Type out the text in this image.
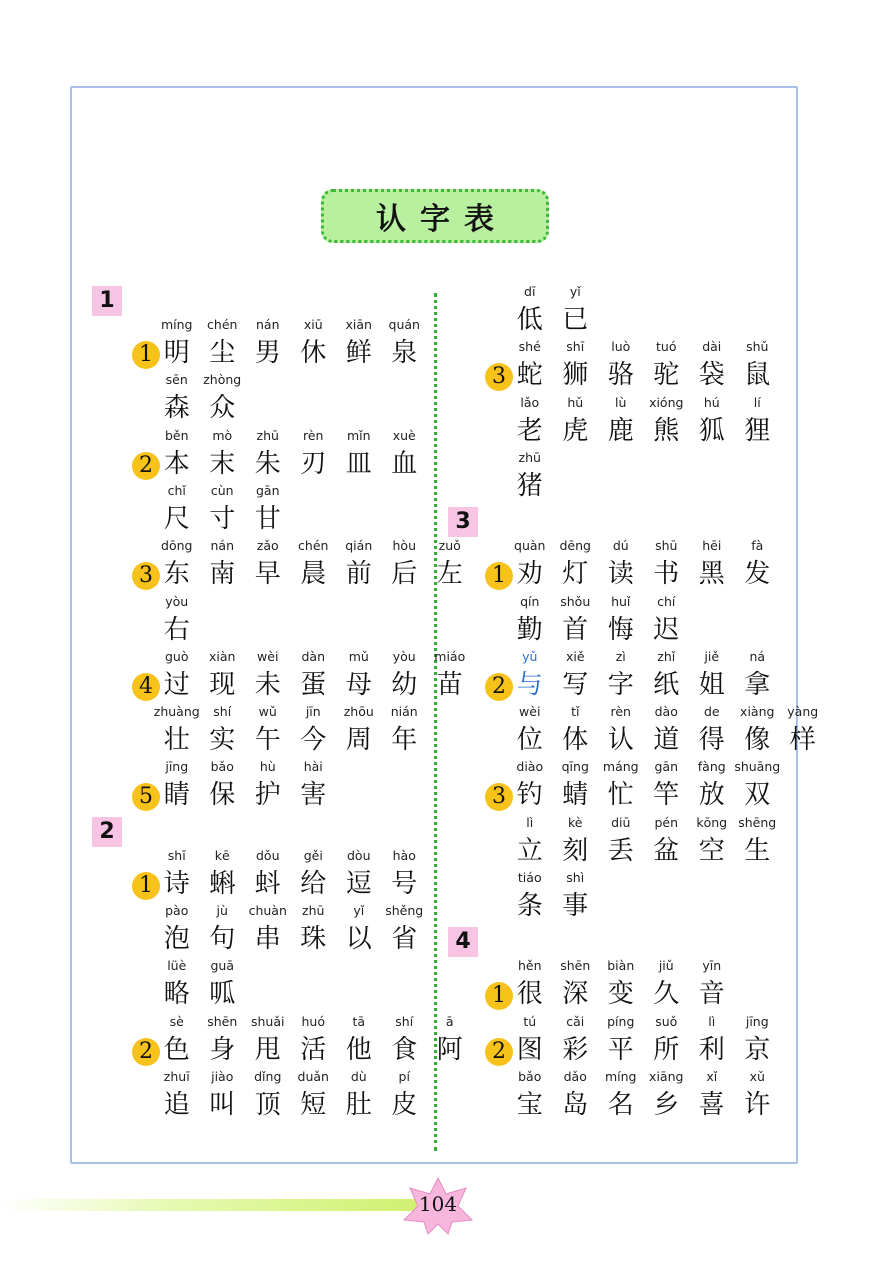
认字表
1
1
míng
明
chén
尘
nán
男
xiū
休
xiān
鲜
quán
泉
sēn
森
zhòng
众
2
běn
本
mò
末
zhū
朱
rèn
刃
mǐn
皿
xuè
血
chǐ
尺
cùn
寸
gān
甘
3
dōng
东
nán
南
zǎo
早
chén
晨
qián
前
hòu
后
zuǒ
左
yòu
右
4
guò
过
xiàn
现
wèi
未
dàn
蛋
mǔ
母
yòu
幼
miáo
苗
zhuàng
壮
shí
实
wǔ
午
jīn
今
zhōu
周
nián
年
5
jīng
睛
bǎo
保
hù
护
hài
害
2
1
shī
诗
kē
蝌
dǒu
蚪
gěi
给
dòu
逗
hào
号
pào
泡
jù
句
chuàn
串
zhū
珠
yǐ
以
shěng
省
lüè
略
guā
呱
2
sè
色
shēn
身
shuǎi
甩
huó
活
tā
他
shí
食
ā
阿
zhuī
追
jiào
叫
dǐng
顶
duǎn
短
dù
肚
pí
皮
dī
低
yǐ
已
3
shé
蛇
shī
狮
luò
骆
tuó
驼
dài
袋
shǔ
鼠
lǎo
老
hǔ
虎
lù
鹿
xióng
熊
hú
狐
lí
狸
zhū
猪
3
1
quàn
劝
dēng
灯
dú
读
shū
书
hēi
黑
fà
发
qín
勤
shǒu
首
huǐ
悔
chí
迟
2
yǔ
与
xiě
写
zì
字
zhǐ
纸
jiě
姐
ná
拿
wèi
位
tǐ
体
rèn
认
dào
道
de
得
xiàng
像
yàng
样
3
diào
钓
qīng
蜻
máng
忙
gān
竿
fàng
放
shuāng
双
lì
立
kè
刻
diū
丢
pén
盆
kōng
空
shēng
生
tiáo
条
shì
事
4
1
hěn
很
shēn
深
biàn
变
jiǔ
久
yīn
音
2
tú
图
cǎi
彩
píng
平
suǒ
所
lì
利
jīng
京
bǎo
宝
dǎo
岛
míng
名
xiāng
乡
xǐ
喜
xǔ
许
104
